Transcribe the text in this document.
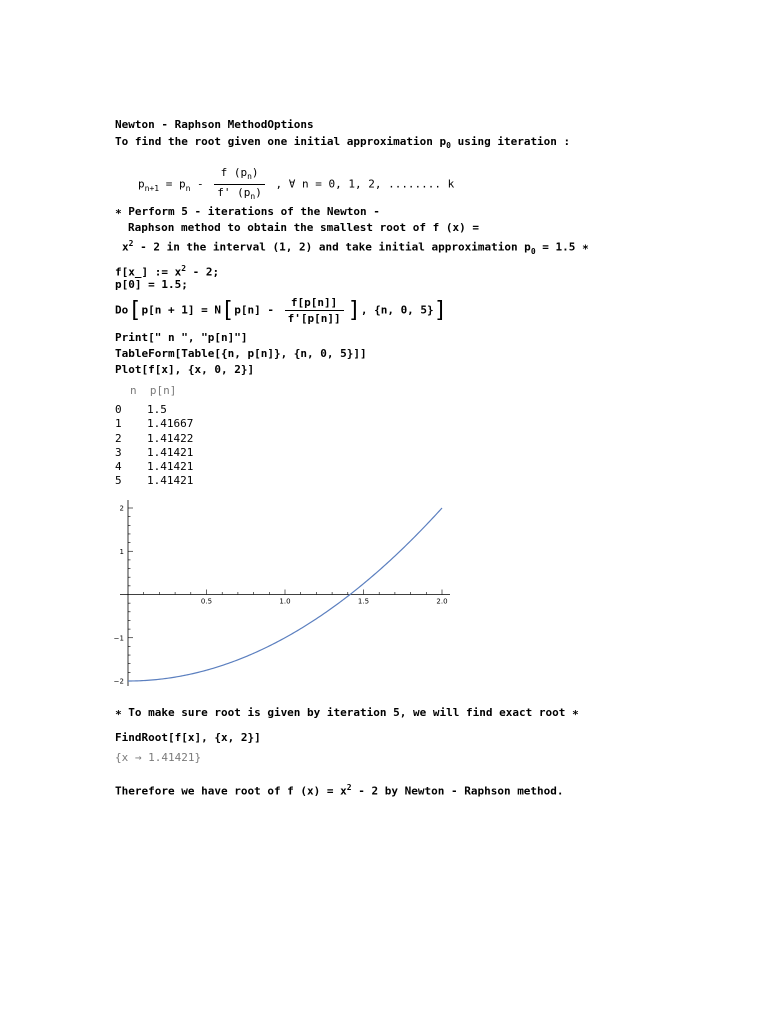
Newton - Raphson MethodOptions
To find the root given one initial approximation $p_0$ using iteration :
$p_{n+1} = p_n - \frac{f (p_n)}{f' (p_n)}$ , ∀ n = 0, 1, 2, ........ k
∗ Perform 5 - iterations of the Newton -
Raphson method to obtain the smallest root of f (x) =
$x^2 - 2$ in the interval (1, 2) and take initial approximation $p_0 = 1.5$ ∗
f[x_] := $x^2 - 2$;
p[0] = 1.5;
$Do[p[n + 1] = N[p[n] - \frac{f[p[n]]}{f'[p[n]]}$ ], {n, 0, 5}]
Print[" n ", "p[n]"]
TableForm[Table[{n, p[n]}, {n, 0, 5}]]
Plot[f[x], {x, 0, 2}]
n p[n]
0	1.5
1	1.41667
2	1.41422
3	1.41421
4	1.41421
5	1.41421
0.5	1.0	1.5	2.0
2
1
−1
−2
∗ To make sure root is given by iteration 5, we will find exact root ∗
FindRoot[f[x], {x, 2}]
{x → 1.41421}
Therefore we have root of f $(x) = x^2 - 2$ by Newton - Raphson method.
